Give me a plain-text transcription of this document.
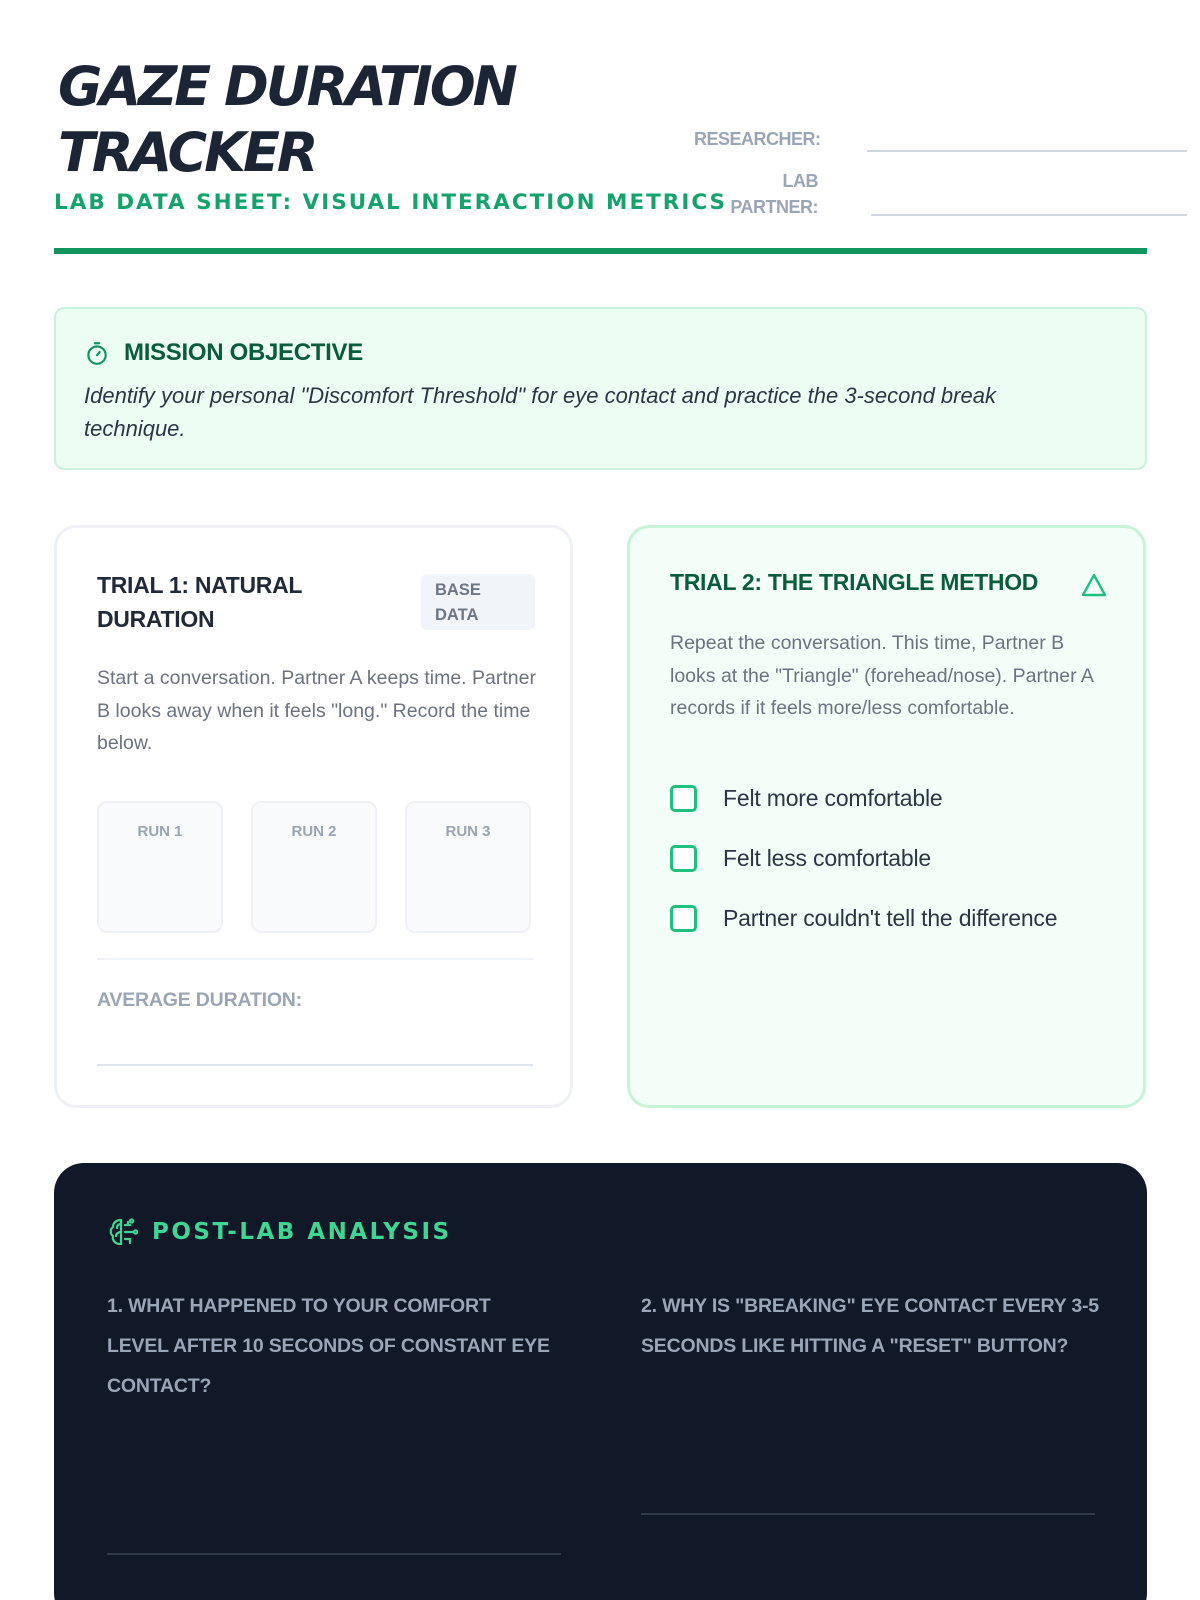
GAZE DURATION TRACKER
LAB DATA SHEET: VISUAL INTERACTION METRICS
RESEARCHER:
LAB PARTNER:
MISSION OBJECTIVE
Identify your personal "Discomfort Threshold" for eye contact and practice the 3-second break technique.
TRIAL 1: NATURAL DURATION
BASE DATA
Start a conversation. Partner A keeps time. Partner B looks away when it feels "long." Record the time below.
RUN 1	RUN 2	RUN 3
AVERAGE DURATION:
TRIAL 2: THE TRIANGLE METHOD
Repeat the conversation. This time, Partner B looks at the "Triangle" (forehead/nose). Partner A records if it feels more/less comfortable.
Felt more comfortable
Felt less comfortable
Partner couldn't tell the difference
POST-LAB ANALYSIS
1. WHAT HAPPENED TO YOUR COMFORT LEVEL AFTER 10 SECONDS OF CONSTANT EYE CONTACT?
2. WHY IS "BREAKING" EYE CONTACT EVERY 3-5 SECONDS LIKE HITTING A "RESET" BUTTON?
